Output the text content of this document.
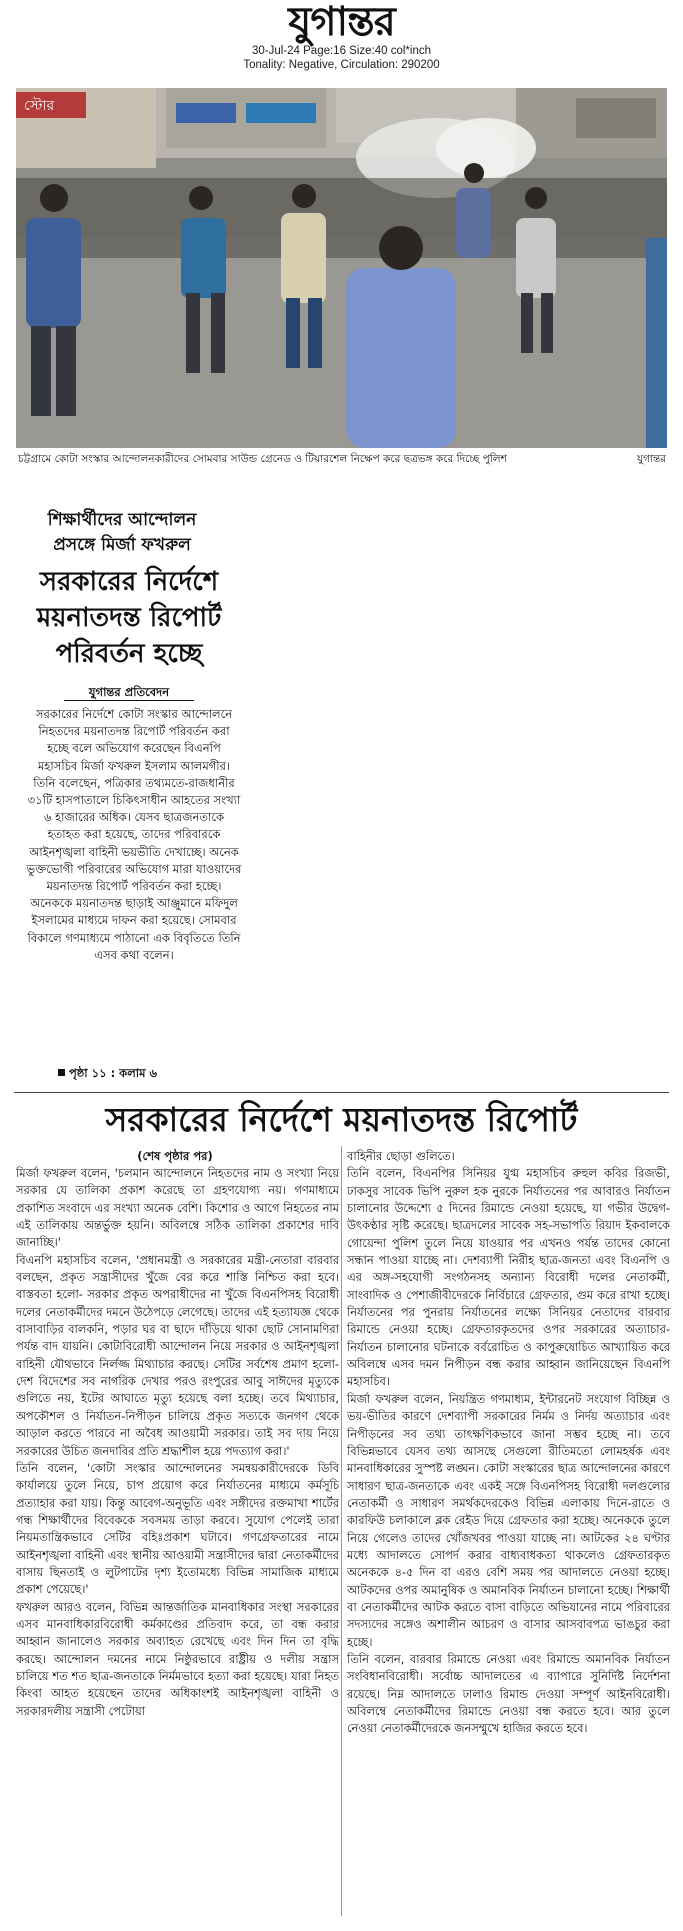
যুগান্তর
30-Jul-24 Page:16 Size:40 col*inch
Tonality: Negative, Circulation: 290200
স্টোর
চট্টগ্রামে কোটা সংস্কার আন্দোলনকারীদের সোমবার সাউন্ড গ্রেনেড ও টিয়ারশেল নিক্ষেপ করে ছত্রভঙ্গ করে দিচ্ছে পুলিশ	যুগান্তর
শিক্ষার্থীদের আন্দোলন
প্রসঙ্গে মির্জা ফখরুল
সরকারের নির্দেশে
ময়নাতদন্ত রিপোর্ট
পরিবর্তন হচ্ছে
যুগান্তর প্রতিবেদন
সরকারের নির্দেশে কোটা সংস্কার আন্দোলনে নিহতদের ময়নাতদন্ত রিপোর্ট পরিবর্তন করা হচ্ছে বলে অভিযোগ করেছেন বিএনপি মহাসচিব মির্জা ফখরুল ইসলাম আলমগীর। তিনি বলেছেন, পত্রিকার তথ্যমতে-রাজধানীর ৩১টি হাসপাতালে চিকিৎসাধীন আহতের সংখ্যা ৬ হাজারের অধিক। যেসব ছাত্রজনতাকে হতাহত করা হয়েছে, তাদের পরিবারকে আইনশৃঙ্খলা বাহিনী ভয়ভীতি দেখাচ্ছে। অনেক ভুক্তভোগী পরিবারের অভিযোগ মারা যাওয়াদের ময়নাতদন্ত রিপোর্ট পরিবর্তন করা হচ্ছে। অনেককে ময়নাতদন্ত ছাড়াই আঞ্জুমানে মফিদুল ইসলামের মাধ্যমে দাফন করা হয়েছে। সোমবার বিকালে গণমাধ্যমে পাঠানো এক বিবৃতিতে তিনি এসব কথা বলেন।
পৃষ্ঠা ১১ : কলাম ৬
সরকারের নির্দেশে ময়নাতদন্ত রিপোর্ট
(শেষ পৃষ্ঠার পর)

মির্জা ফখরুল বলেন, 'চলমান আন্দোলনে নিহতদের নাম ও সংখ্যা নিয়ে সরকার যে তালিকা প্রকাশ করেছে তা গ্রহণযোগ্য নয়। গণমাধ্যমে প্রকাশিত সংবাদে এর সংখ্যা অনেক বেশি। কিশোর ও আগে নিহতের নাম এই তালিকায় অন্তর্ভুক্ত হয়নি। অবিলম্বে সঠিক তালিকা প্রকাশের দাবি জানাচ্ছি।'

বিএনপি মহাসচিব বলেন, 'প্রধানমন্ত্রী ও সরকারের মন্ত্রী-নেতারা বারবার বলছেন, প্রকৃত সন্ত্রাসীদের খুঁজে বের করে শাস্তি নিশ্চিত করা হবে। বাস্তবতা হলো- সরকার প্রকৃত অপরাধীদের না খুঁজে বিএনপিসহ বিরোধী দলের নেতাকর্মীদের দমনে উঠেপড়ে লেগেছে। তাদের এই হত্যাযজ্ঞ থেকে বাসাবাড়ির বালকনি, পড়ার ঘর বা ছাদে দাঁড়িয়ে থাকা ছোট সোনামণিরা পর্যন্ত বাদ যায়নি। কোটাবিরোধী আন্দোলন নিয়ে সরকার ও আইনশৃঙ্খলা বাহিনী যৌথভাবে নির্লজ্জ মিথ্যাচার করছে। সেটির সর্বশেষ প্রমাণ হলো-দেশ বিদেশের সব নাগরিক দেখার পরও রংপুরের আবু সাঈদের মৃত্যুকে গুলিতে নয়, ইটের আঘাতে মৃত্যু হয়েছে বলা হচ্ছে। তবে মিথ্যাচার, অপকৌশল ও নির্যাতন-নিপীড়ন চালিয়ে প্রকৃত সত্যকে জনগণ থেকে আড়াল করতে পারবে না অবৈধ আওয়ামী সরকার। তাই সব দায় নিয়ে সরকারের উচিত জনদাবির প্রতি শ্রদ্ধাশীল হয়ে পদত্যাগ করা।'

তিনি বলেন, 'কোটা সংস্কার আন্দোলনের সমন্বয়কারীদেরকে ডিবি কার্যালয়ে তুলে নিয়ে, চাপ প্রয়োগ করে নির্যাতনের মাধ্যমে কর্মসূচি প্রত্যাহার করা যায়। কিন্তু আবেগ-অনুভূতি এবং সঙ্গীদের রক্তমাখা শার্টের গন্ধ শিক্ষার্থীদের বিবেককে সবসময় তাড়া করবে। সুযোগ পেলেই তারা নিয়মতান্ত্রিকভাবে সেটির বহিঃপ্রকাশ ঘটাবে। গণগ্রেফতারের নামে আইনশৃঙ্খলা বাহিনী এবং স্থানীয় আওয়ামী সন্ত্রাসীদের দ্বারা নেতাকর্মীদের বাসায় ছিনতাই ও লুটপাটের দৃশ্য ইতোমধ্যে বিভিন্ন সামাজিক মাধ্যমে প্রকাশ পেয়েছে।'

ফখরুল আরও বলেন, বিভিন্ন আন্তর্জাতিক মানবাধিকার সংস্থা সরকারের এসব মানবাধিকারবিরোধী কর্মকাণ্ডের প্রতিবাদ করে, তা বন্ধ করার আহ্বান জানালেও সরকার অব্যাহত রেখেছে এবং দিন দিন তা বৃদ্ধি করছে। আন্দোলন দমনের নামে নিষ্ঠুরভাবে রাষ্ট্রীয় ও দলীয় সন্ত্রাস চালিয়ে শত শত ছাত্র-জনতাকে নির্মমভাবে হত্যা করা হয়েছে। যারা নিহত কিংবা আহত হয়েছেন তাদের অধিকাংশই আইনশৃঙ্খলা বাহিনী ও সরকারদলীয় সন্ত্রাসী পেটোয়া

বাহিনীর ছোড়া গুলিতে।

তিনি বলেন, বিএনপির সিনিয়র যুগ্ম মহাসচিব রুহুল কবির রিজভী, ঢাকসুর সাবেক ভিপি নুরুল হক নুরকে নির্যাতনের পর আবারও নির্যাতন চালানোর উদ্দেশ্যে ৫ দিনের রিমান্ডে নেওয়া হয়েছে, যা গভীর উদ্বেগ-উৎকণ্ঠার সৃষ্টি করেছে। ছাত্রদলের সাবেক সহ-সভাপতি রিয়াদ ইকবালকে গোয়েন্দা পুলিশ তুলে নিয়ে যাওয়ার পর এখনও পর্যন্ত তাদের কোনো সন্ধান পাওয়া যাচ্ছে না। দেশব্যাপী নিরীহ ছাত্র-জনতা এবং বিএনপি ও এর অঙ্গ-সহযোগী সংগঠনসহ অন্যান্য বিরোধী দলের নেতাকর্মী, সাংবাদিক ও পেশাজীবীদেরকে নির্বিচারে গ্রেফতার, গুম করে রাখা হচ্ছে। নির্যাতনের পর পুনরায় নির্যাতনের লক্ষ্যে সিনিয়র নেতাদের বারবার রিমান্ডে নেওয়া হচ্ছে। গ্রেফতারকৃতদের ওপর সরকারের অত্যাচার-নির্যাতন চালানোর ঘটনাকে বর্বরোচিত ও কাপুরুষোচিত আখ্যায়িত করে অবিলম্বে এসব দমন নিপীড়ন বন্ধ করার আহ্বান জানিয়েছেন বিএনপি মহাসচিব।

মির্জা ফখরুল বলেন, নিয়ন্ত্রিত গণমাধ্যম, ইন্টারনেট সংযোগ বিচ্ছিন্ন ও ভয়-ভীতির কারণে দেশব্যাপী সরকারের নির্মম ও নির্দয় অত্যাচার এবং নিপীড়নের সব তথ্য তাৎক্ষণিকভাবে জানা সম্ভব হচ্ছে না। তবে বিভিন্নভাবে যেসব তথ্য আসছে সেগুলো রীতিমতো লোমহর্ষক এবং মানবাধিকারের সুস্পষ্ট লঙ্ঘন। কোটা সংস্কারের ছাত্র আন্দোলনের কারণে সাধারণ ছাত্র-জনতাকে এবং একই সঙ্গে বিএনপিসহ বিরোধী দলগুলোর নেতাকর্মী ও সাধারণ সমর্থকদেরকেও বিভিন্ন এলাকায় দিনে-রাতে ও কারফিউ চলাকালে ব্লক রেইড দিয়ে গ্রেফতার করা হচ্ছে। অনেককে তুলে নিয়ে গেলেও তাদের খোঁজখবর পাওয়া যাচ্ছে না। আটকের ২৪ ঘণ্টার মধ্যে আদালতে সোপর্দ করার বাধ্যবাধকতা থাকলেও গ্রেফতারকৃত অনেককে ৪-৫ দিন বা এরও বেশি সময় পর আদালতে নেওয়া হচ্ছে। আটকদের ওপর অমানুষিক ও অমানবিক নির্যাতন চালানো হচ্ছে। শিক্ষার্থী বা নেতাকর্মীদের আটক করতে বাসা বাড়িতে অভিযানের নামে পরিবারের সদস্যদের সঙ্গেও অশালীন আচরণ ও বাসার আসবাবপত্র ভাঙচুর করা হচ্ছে।

তিনি বলেন, বারবার রিমান্ডে নেওয়া এবং রিমান্ডে অমানবিক নির্যাতন সংবিধানবিরোধী। সর্বোচ্চ আদালতের এ ব্যাপারে সুনির্দিষ্ট নির্দেশনা রয়েছে। নিম্ন আদালতে ঢালাও রিমান্ড দেওয়া সম্পূর্ণ আইনবিরোধী। অবিলম্বে নেতাকর্মীদের রিমান্ডে নেওয়া বন্ধ করতে হবে। আর তুলে নেওয়া নেতাকর্মীদেরকে জনসম্মুখে হাজির করতে হবে।
